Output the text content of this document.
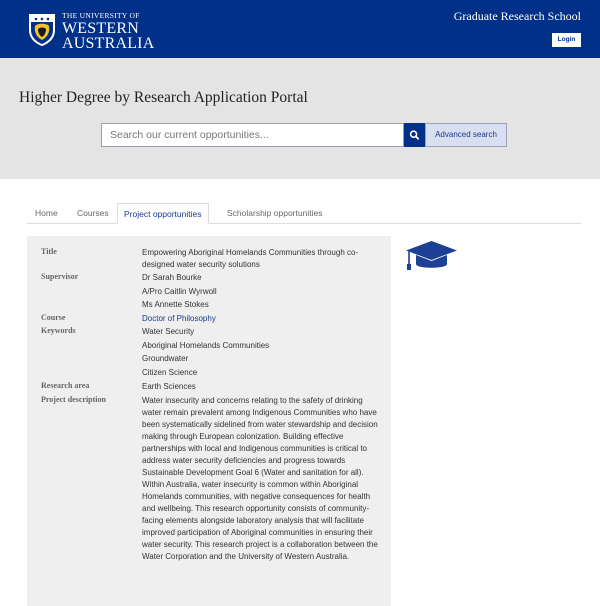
THE UNIVERSITY OF
WESTERN
AUSTRALIA
Graduate Research School
Login
Higher Degree by Research Application Portal
Search our current opportunities...
Advanced search
Home	Courses	Project opportunities	Scholarship opportunities
Title	Empowering Aboriginal Homelands Communities through co-designed water security solutions
Supervisor	Dr Sarah Bourke

A/Pro Caitlin Wyrwoll

Ms Annette Stokes

Course	Doctor of Philosophy

Keywords	Water Security

Aboriginal Homelands Communities

Groundwater

Citizen Science

Research area	Earth Sciences
Project description	Water insecurity and concerns relating to the safety of drinking water remain prevalent among Indigenous Communities who have been systematically sidelined from water stewardship and decision making through European colonization. Building effective partnerships with local and Indigenous communities is critical to address water security deficiencies and progress towards Sustainable Development Goal 6 (Water and sanitation for all). Within Australia, water insecurity is common within Aboriginal Homelands communities, with negative consequences for health and wellbeing. This research opportunity consists of community-facing elements alongside laboratory analysis that will facilitate improved participation of Aboriginal communities in ensuring their water security. This research project is a collaboration between the Water Corporation and the University of Western Australia.
